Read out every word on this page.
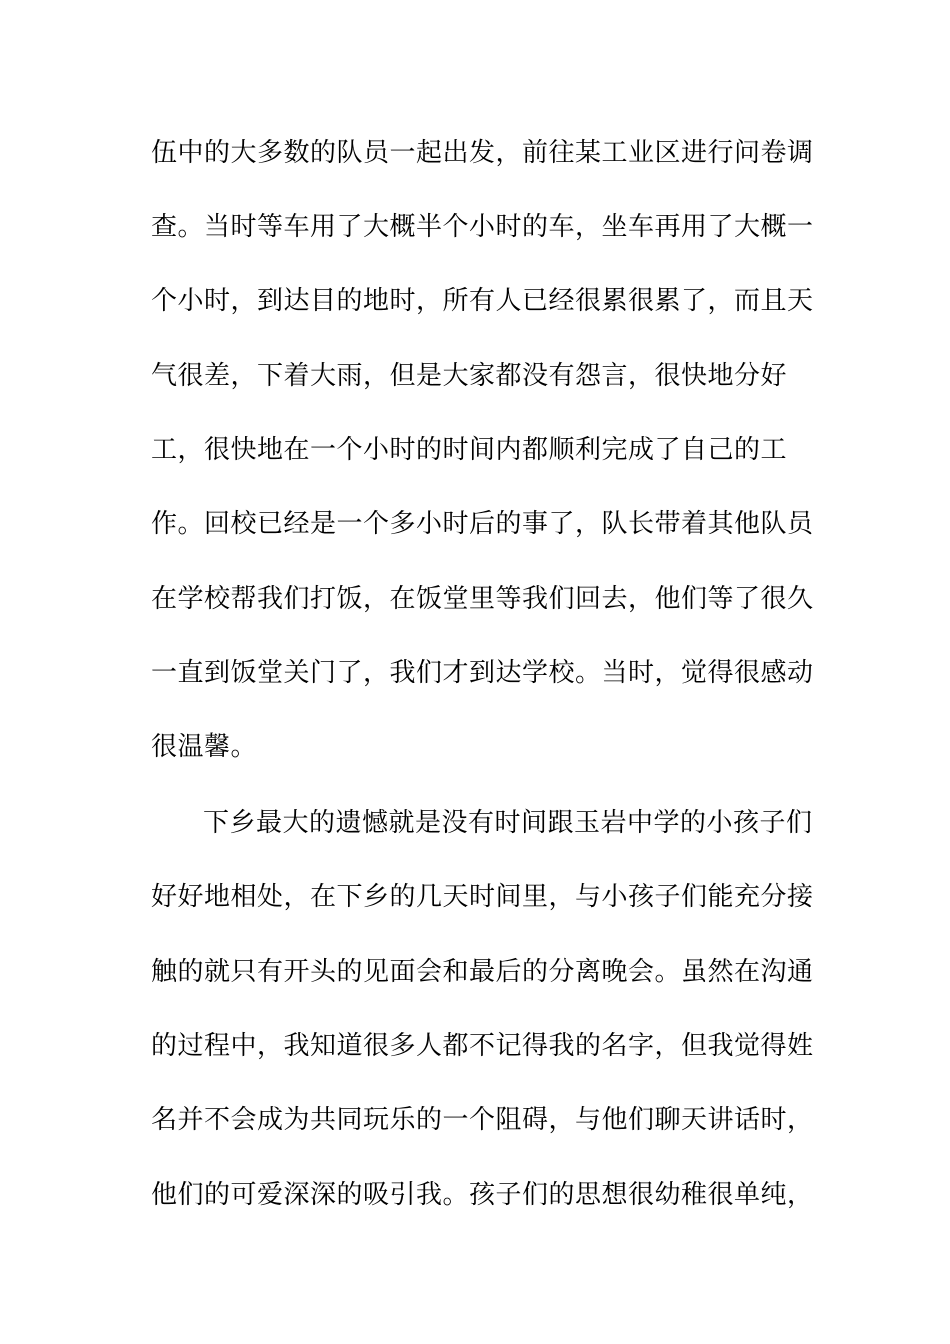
伍中的大多数的队员一起出发，前往某工业区进行问卷调
查。当时等车用了大概半个小时的车，坐车再用了大概一
个小时，到达目的地时，所有人已经很累很累了，而且天
气很差，下着大雨，但是大家都没有怨言，很快地分好
工，很快地在一个小时的时间内都顺利完成了自己的工
作。回校已经是一个多小时后的事了，队长带着其他队员
在学校帮我们打饭，在饭堂里等我们回去，他们等了很久
一直到饭堂关门了，我们才到达学校。当时，觉得很感动
很温馨。
下乡最大的遗憾就是没有时间跟玉岩中学的小孩子们
好好地相处，在下乡的几天时间里，与小孩子们能充分接
触的就只有开头的见面会和最后的分离晚会。虽然在沟通
的过程中，我知道很多人都不记得我的名字，但我觉得姓
名并不会成为共同玩乐的一个阻碍，与他们聊天讲话时，
他们的可爱深深的吸引我。孩子们的思想很幼稚很单纯，
